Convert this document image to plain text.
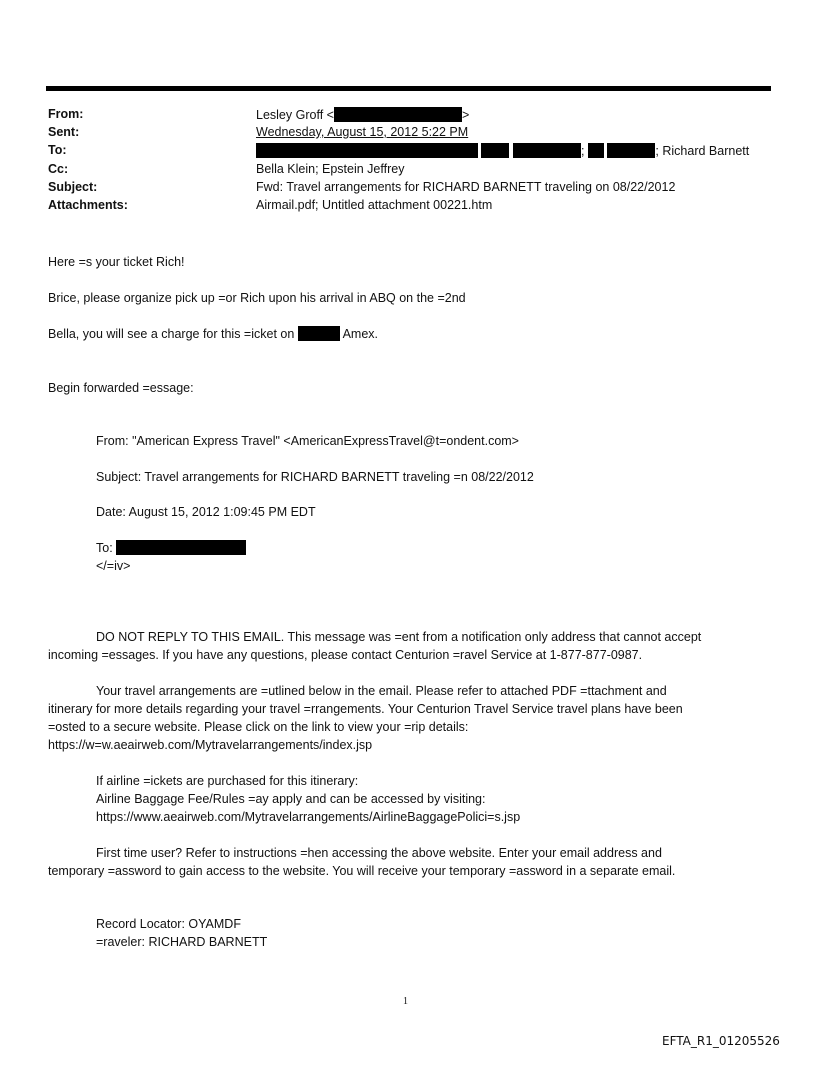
From:	Lesley Groff <	>
Sent:	Wednesday, August 15, 2012 5:22 PM
To:	;	; Richard Barnett
Cc:	Bella Klein; Epstein Jeffrey
Subject:	Fwd: Travel arrangements for RICHARD BARNETT traveling on 08/22/2012
Attachments:	Airmail.pdf; Untitled attachment 00221.htm
Here =s your ticket Rich!
Brice, please organize pick up =or Rich upon his arrival in ABQ on the =2nd
Bella, you will see a charge for this =icket on	Amex.
Begin forwarded =essage:
From: "American Express Travel" <AmericanExpressTravel@t=ondent.com>
Subject: Travel arrangements for RICHARD BARNETT traveling =n 08/22/2012
Date: August 15, 2012 1:09:45 PM EDT
To:
</=iv>
DO NOT REPLY TO THIS EMAIL. This message was =ent from a notification only address that cannot accept
incoming =essages. If you have any questions, please contact Centurion =ravel Service at 1-877-877-0987.
Your travel arrangements are =utlined below in the email. Please refer to attached PDF =ttachment and
itinerary for more details regarding your travel =rrangements. Your Centurion Travel Service travel plans have been
=osted to a secure website. Please click on the link to view your =rip details:
https://w=w.aeairweb.com/Mytravelarrangements/index.jsp
If airline =ickets are purchased for this itinerary:
Airline Baggage Fee/Rules =ay apply and can be accessed by visiting:
https://www.aeairweb.com/Mytravelarrangements/AirlineBaggagePolici=s.jsp
First time user? Refer to instructions =hen accessing the above website. Enter your email address and
temporary =assword to gain access to the website. You will receive your temporary =assword in a separate email.
Record Locator: OYAMDF
=raveler: RICHARD BARNETT
1
EFTA_R1_01205526
